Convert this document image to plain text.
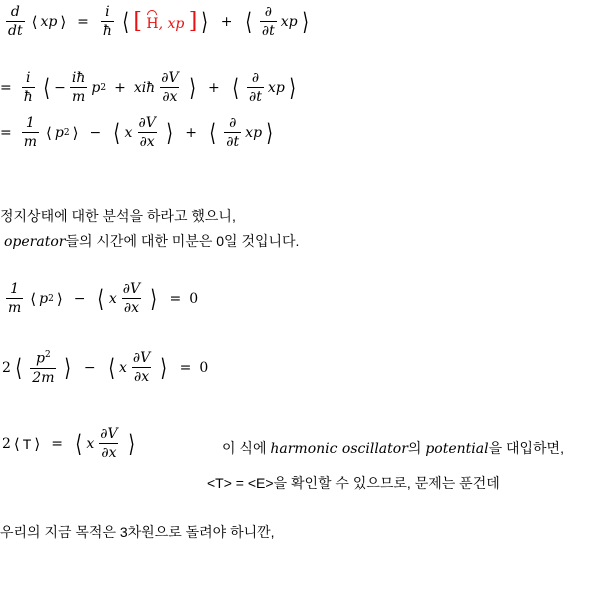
$\frac{d}{dt}$ ⟨ xp ⟩ = $\frac{i}{ħ}$ ⟨ [ H, xp ] ⟩ + ⟨ $\frac{\partial}{\partial t}$ xp ⟩
= $\frac{i}{ħ}$ ⟨ − $\frac{iħ}{m}$ p 2 + xiħ $\frac{\partial V}{\partial x}$ ⟩ + ⟨ $\frac{\partial}{\partial t}$ xp ⟩
= $\frac{1}{m}$ ⟨ p 2 ⟩ − ⟨ x $\frac{\partial V}{\partial x}$ ⟩ + ⟨ $\frac{\partial}{\partial t}$ xp ⟩
정지상태에 대한 분석을 하라고 했으니,
operator들의 시간에 대한 미분은 0일 것입니다.
$\frac{1}{m}$ ⟨ p 2 ⟩ − ⟨ x $\frac{\partial V}{\partial x}$ ⟩ = 0
2 ⟨ $\frac{p^2}{2m}$ ⟩ − ⟨ x $\frac{\partial V}{\partial x}$ ⟩ = 0
2 ⟨ T ⟩ = ⟨ x $\frac{\partial V}{\partial x}$ ⟩	이 식에 harmonic oscillator의 potential을 대입하면,
<T> = <E>을 확인할 수 있으므로, 문제는 푼건데
우리의 지금 목적은 3차원으로 돌려야 하니깐,
